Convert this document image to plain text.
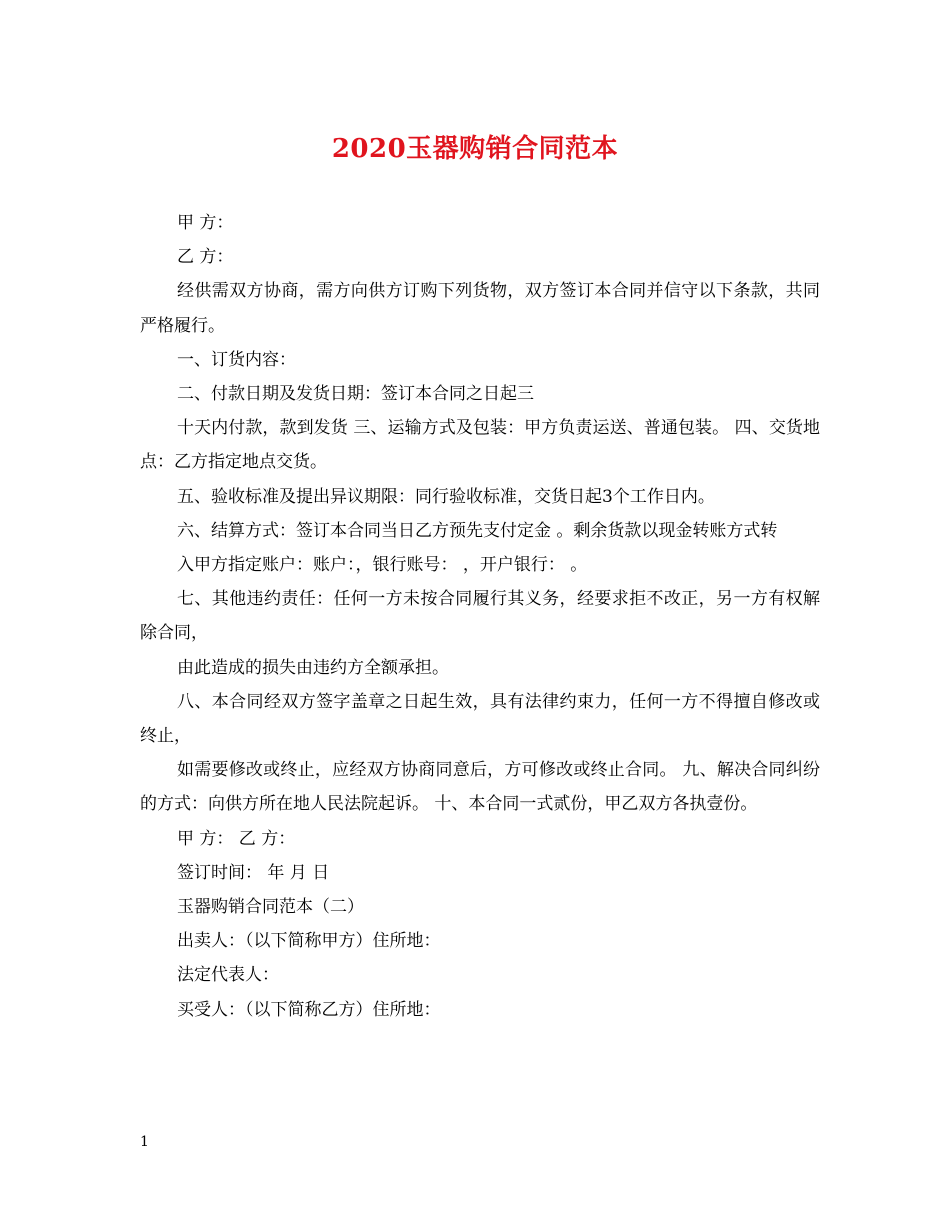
2020玉器购销合同范本

甲 方：

乙 方：

经供需双方协商，需方向供方订购下列货物，双方签订本合同并信守以下条款，共同严格履行。

一、订货内容：

二、付款日期及发货日期：签订本合同之日起三

十天内付款，款到发货 三、运输方式及包装：甲方负责运送、普通包装。 四、交货地点：乙方指定地点交货。

五、验收标准及提出异议期限：同行验收标准，交货日起3个工作日内。

六、结算方式：签订本合同当日乙方预先支付定金 。剩余货款以现金转账方式转

入甲方指定账户：账户：，银行账号： ，开户银行： 。

七、其他违约责任：任何一方未按合同履行其义务，经要求拒不改正，另一方有权解除合同，

由此造成的损失由违约方全额承担。

八、本合同经双方签字盖章之日起生效，具有法律约束力，任何一方不得擅自修改或终止，

如需要修改或终止，应经双方协商同意后，方可修改或终止合同。 九、解决合同纠纷的方式：向供方所在地人民法院起诉。 十、本合同一式贰份，甲乙双方各执壹份。

甲 方： 乙 方：

签订时间： 年 月 日

玉器购销合同范本（二）

出卖人：（以下简称甲方）住所地：

法定代表人：

买受人：（以下简称乙方）住所地：

1
